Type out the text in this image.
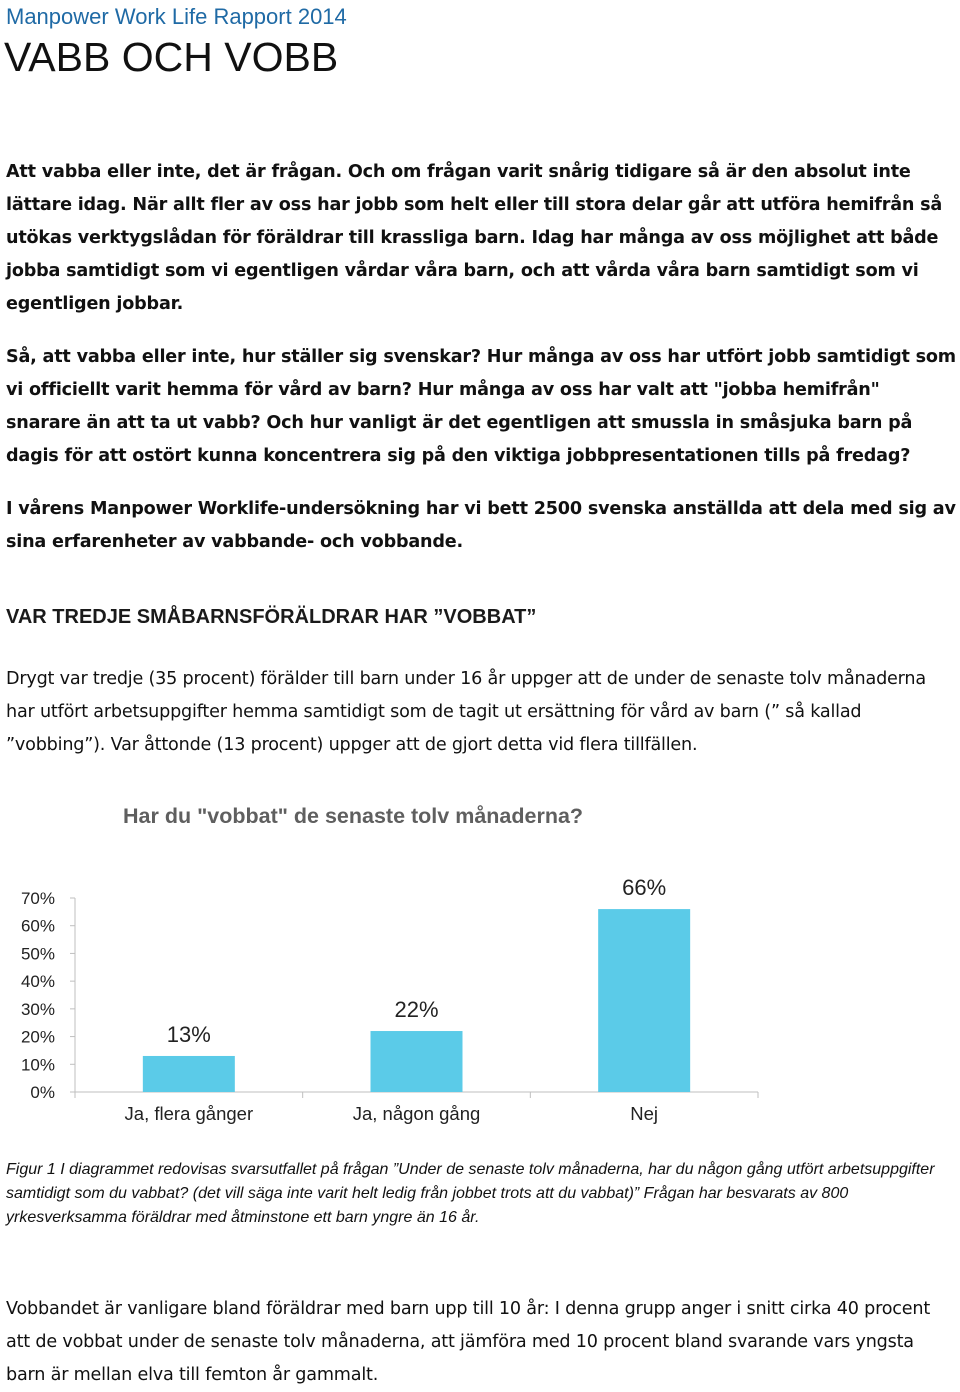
Manpower Work Life Rapport 2014
VABB OCH VOBB
Att vabba eller inte, det är frågan. Och om frågan varit snårig tidigare så är den absolut inte lättare idag. När allt fler av oss har jobb som helt eller till stora delar går att utföra hemifrån så utökas verktygslådan för föräldrar till krassliga barn. Idag har många av oss möjlighet att både jobba samtidigt som vi egentligen vårdar våra barn, och att vårda våra barn samtidigt som vi egentligen jobbar.
Så, att vabba eller inte, hur ställer sig svenskar? Hur många av oss har utfört jobb samtidigt som vi officiellt varit hemma för vård av barn? Hur många av oss har valt att "jobba hemifrån" snarare än att ta ut vabb? Och hur vanligt är det egentligen att smussla in småsjuka barn på dagis för att ostört kunna koncentrera sig på den viktiga jobbpresentationen tills på fredag?
I vårens Manpower Worklife-undersökning har vi bett 2500 svenska anställda att dela med sig av sina erfarenheter av vabbande- och vobbande.
VAR TREDJE SMÅBARNSFÖRÄLDRAR HAR ”VOBBAT”
Drygt var tredje (35 procent) förälder till barn under 16 år uppger att de under de senaste tolv månaderna har utfört arbetsuppgifter hemma samtidigt som de tagit ut ersättning för vård av barn (” så kallad ”vobbing”). Var åttonde (13 procent) uppger att de gjort detta vid flera tillfällen.
Har du "vobbat" de senaste tolv månaderna?
0%
10%
20%
30%
40%
50%
60%
70%
13%
Ja, flera gånger
22%
Ja, någon gång
66%
Nej
Figur 1 I diagrammet redovisas svarsutfallet på frågan ”Under de senaste tolv månaderna, har du någon gång utfört arbetsuppgifter samtidigt som du vabbat? (det vill säga inte varit helt ledig från jobbet trots att du vabbat)” Frågan har besvarats av 800 yrkesverksamma föräldrar med åtminstone ett barn yngre än 16 år.
Vobbandet är vanligare bland föräldrar med barn upp till 10 år: I denna grupp anger i snitt cirka 40 procent att de vobbat under de senaste tolv månaderna, att jämföra med 10 procent bland svarande vars yngsta barn är mellan elva till femton år gammalt.
